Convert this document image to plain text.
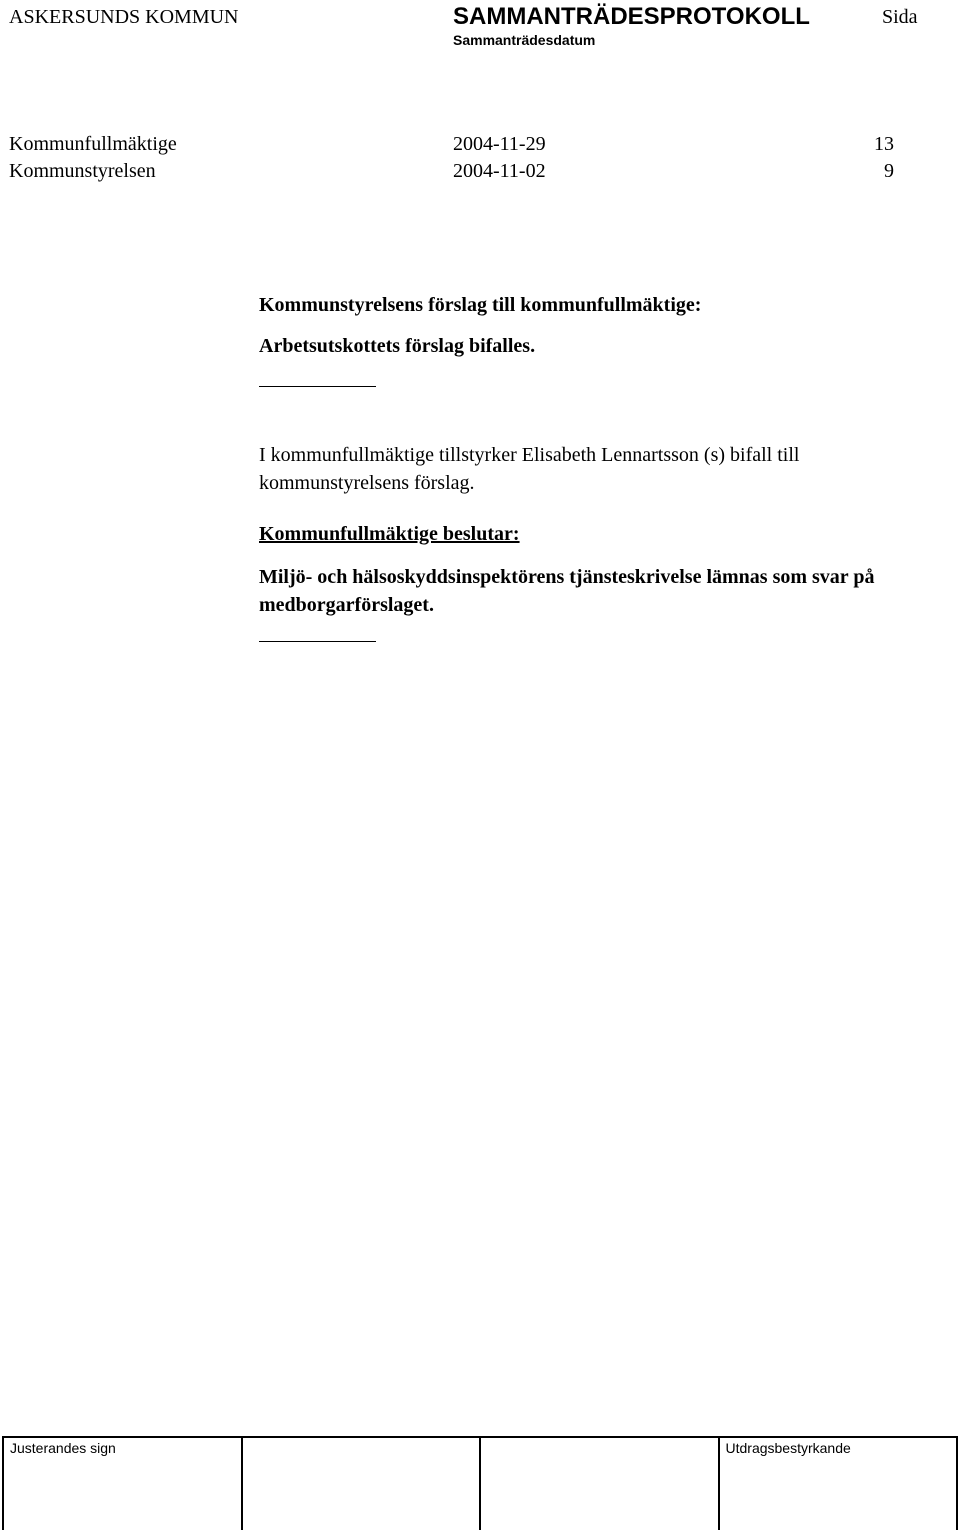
ASKERSUNDS KOMMUN	SAMMANTRÄDESPROTOKOLL	Sida
Sammanträdesdatum
Kommunfullmäktige	2004-11-29	13
Kommunstyrelsen	2004-11-02	9
Kommunstyrelsens förslag till kommunfullmäktige:
Arbetsutskottets förslag bifalles.
I kommunfullmäktige tillstyrker Elisabeth Lennartsson (s) bifall till kommunstyrelsens förslag.
Kommunfullmäktige beslutar:
Miljö- och hälsoskyddsinspektörens tjänsteskrivelse lämnas som svar på medborgarförslaget.
Justerandes sign	Utdragsbestyrkande
